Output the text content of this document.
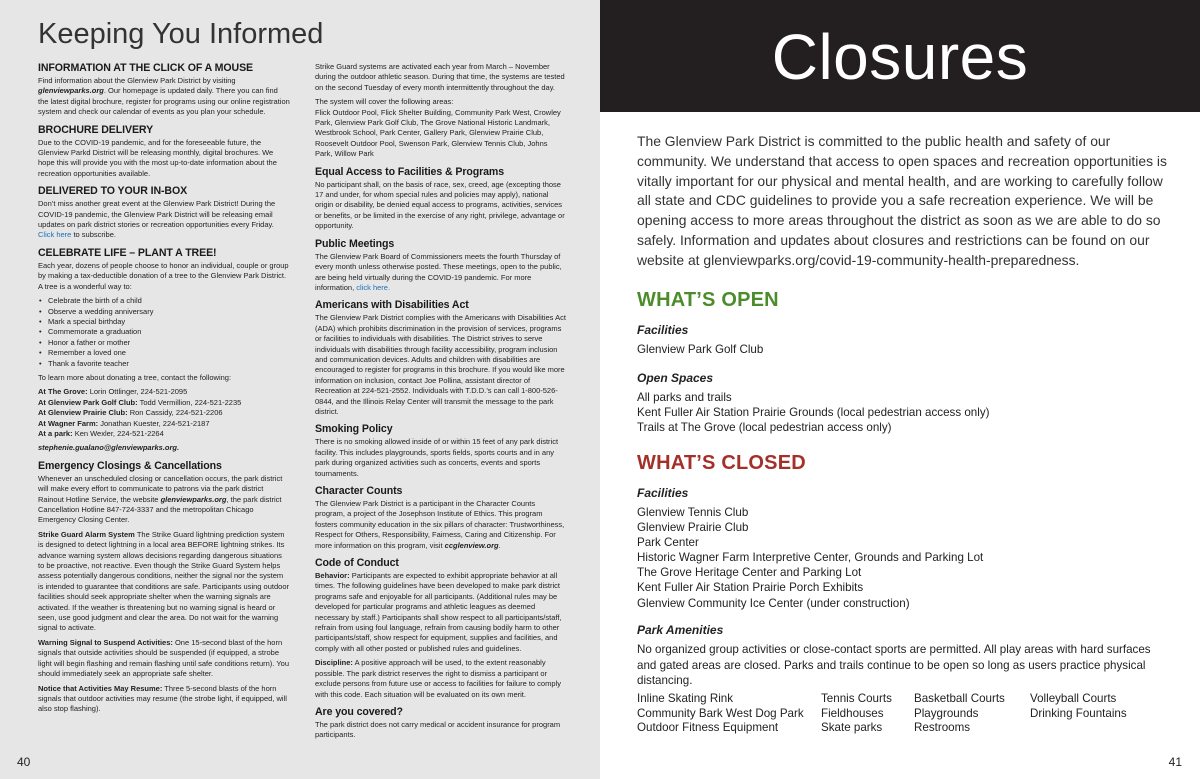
Keeping You Informed
INFORMATION AT THE CLICK OF A MOUSE

Find information about the Glenview Park District by visiting glenviewparks.org. Our homepage is updated daily. There you can find the latest digital brochure, register for programs using our online registration system and check our calendar of events as you plan your schedule.

BROCHURE DELIVERY

Due to the COVID-19 pandemic, and for the foreseeable future, the Glenview Parkd District will be releasing monthly, digital brochures. We hope this will provide you with the most up-to-date information about the recreation opportunities available.

DELIVERED TO YOUR IN-BOX

Don’t miss another great event at the Glenview Park District! During the COVID-19 pandemic, the Glenview Park District will be releasing email updates on park district stories or recreation opportunities every Friday. Click here to subscribe.

CELEBRATE LIFE – PLANT A TREE!

Each year, dozens of people choose to honor an individual, couple or group by making a tax-deductible donation of a tree to the Glenview Park District. A tree is a wonderful way to:

• Celebrate the birth of a child
• Observe a wedding anniversary
• Mark a special birthday
• Commemorate a graduation
• Honor a father or mother
• Remember a loved one
• Thank a favorite teacher

To learn more about donating a tree, contact the following:

At The Grove: Lorin Ottlinger, 224-521-2095
At Glenview Park Golf Club: Todd Vermillion, 224-521-2235
At Glenview Prairie Club: Ron Cassidy, 224-521-2206
At Wagner Farm: Jonathan Kuester, 224-521-2187
At a park: Ken Wexler, 224-521-2264

stephenie.gualano@glenviewparks.org.

Emergency Closings & Cancellations

Whenever an unscheduled closing or cancellation occurs, the park district will make every effort to communicate to patrons via the park district Rainout Hotline Service, the website glenviewparks.org, the park district Cancellation Hotline 847-724-3337 and the metropolitan Chicago Emergency Closing Center.

Strike Guard Alarm System The Strike Guard lightning prediction system is designed to detect lightning in a local area BEFORE lightning strikes. Its advance warning system allows decisions regarding dangerous situations to be proactive, not reactive. Even though the Strike Guard System helps assess potentially dangerous conditions, neither the signal nor the system is intended to guarantee that conditions are safe. Participants using outdoor facilities should seek appropriate shelter when the warning signals are activated. If the weather is threatening but no warning signal is heard or seen, use good judgment and clear the area. Do not wait for the warning signal to activate.

Warning Signal to Suspend Activities: One 15-second blast of the horn signals that outside activities should be suspended (if equipped, a strobe light will begin flashing and remain flashing until safe conditions return). You should immediately seek an appropriate safe shelter.

Notice that Activities May Resume: Three 5-second blasts of the horn signals that outdoor activities may resume (the strobe light, if equipped, will also stop flashing).

Strike Guard systems are activated each year from March – November during the outdoor athletic season. During that time, the systems are tested on the second Tuesday of every month intermittently throughout the day.

The system will cover the following areas:
Flick Outdoor Pool, Flick Shelter Building, Community Park West, Crowley Park, Glenview Park Golf Club, The Grove National Historic Landmark, Westbrook School, Park Center, Gallery Park, Glenview Prairie Club, Roosevelt Outdoor Pool, Swenson Park, Glenview Tennis Club, Johns Park, Willow Park

Equal Access to Facilities & Programs

No participant shall, on the basis of race, sex, creed, age (excepting those 17 and under, for whom special rules and policies may apply), national origin or disability, be denied equal access to programs, activities, services or benefits, or be limited in the exercise of any right, privilege, advantage or opportunity.

Public Meetings

The Glenview Park Board of Commissioners meets the fourth Thursday of every month unless otherwise posted. These meetings, open to the public, are being held virtually during the COVID-19 pandemic. For more information, click here.

Americans with Disabilities Act

The Glenview Park District complies with the Americans with Disabilities Act (ADA) which prohibits discrimination in the provision of services, programs or facilities to individuals with disabilities. The District strives to serve individuals with disabilities through facility accessibility, program inclusion and communication devices. Adults and children with disabilities are encouraged to register for programs in this brochure. If you would like more information on inclusion, contact Joe Pollina, assistant director of Recreation at 224-521-2552. Individuals with T.D.D.’s can call 1-800-526-0844, and the Illinois Relay Center will transmit the message to the park district.

Smoking Policy

There is no smoking allowed inside of or within 15 feet of any park district facility. This includes playgrounds, sports fields, sports courts and in any park during organized activities such as concerts, events and sports tournaments.

Character Counts

The Glenview Park District is a participant in the Character Counts program, a project of the Josephson Institute of Ethics. This program fosters community education in the six pillars of character: Trustworthiness, Respect for Others, Responsibility, Fairness, Caring and Citizenship. For more information on this program, visit ccglenview.org.

Code of Conduct

Behavior: Participants are expected to exhibit appropriate behavior at all times. The following guidelines have been developed to make park district programs safe and enjoyable for all participants. (Additional rules may be developed for particular programs and athletic leagues as deemed necessary by staff.) Participants shall show respect to all participants/staff, refrain from using foul language, refrain from causing bodily harm to other participants/staff, show respect for equipment, supplies and facilities, and comply with all other posted or published rules and guidelines.

Discipline: A positive approach will be used, to the extent reasonably possible. The park district reserves the right to dismiss a participant or exclude persons from future use or access to facilities for failure to comply with this code. Each situation will be evaluated on its own merit.

Are you covered?

The park district does not carry medical or accident insurance for program participants.

40
Closures
The Glenview Park District is committed to the public health and safety of our community. We understand that access to open spaces and recreation opportunities is vitally important for our physical and mental health, and are working to carefully follow all state and CDC guidelines to provide you a safe recreation experience. We will be opening access to more areas throughout the district as soon as we are able to do so safely. Information and updates about closures and restrictions can be found on our website at glenviewparks.org/covid-19-community-health-preparedness.
WHAT’S OPEN
Facilities
Glenview Park Golf Club
Open Spaces
All parks and trails
Kent Fuller Air Station Prairie Grounds (local pedestrian access only)
Trails at The Grove (local pedestrian access only)
WHAT’S CLOSED
Facilities
Glenview Tennis Club
Glenview Prairie Club
Park Center
Historic Wagner Farm Interpretive Center, Grounds and Parking Lot
The Grove Heritage Center and Parking Lot
Kent Fuller Air Station Prairie Porch Exhibits
Glenview Community Ice Center (under construction)
Park Amenities
No organized group activities or close-contact sports are permitted. All play areas with hard surfaces and gated areas are closed. Parks and trails continue to be open so long as users practice physical distancing.
Inline Skating Rink
Community Bark West Dog Park
Outdoor Fitness Equipment
Tennis Courts
Fieldhouses
Skate parks
Basketball Courts
Playgrounds
Restrooms
Volleyball Courts
Drinking Fountains
41
